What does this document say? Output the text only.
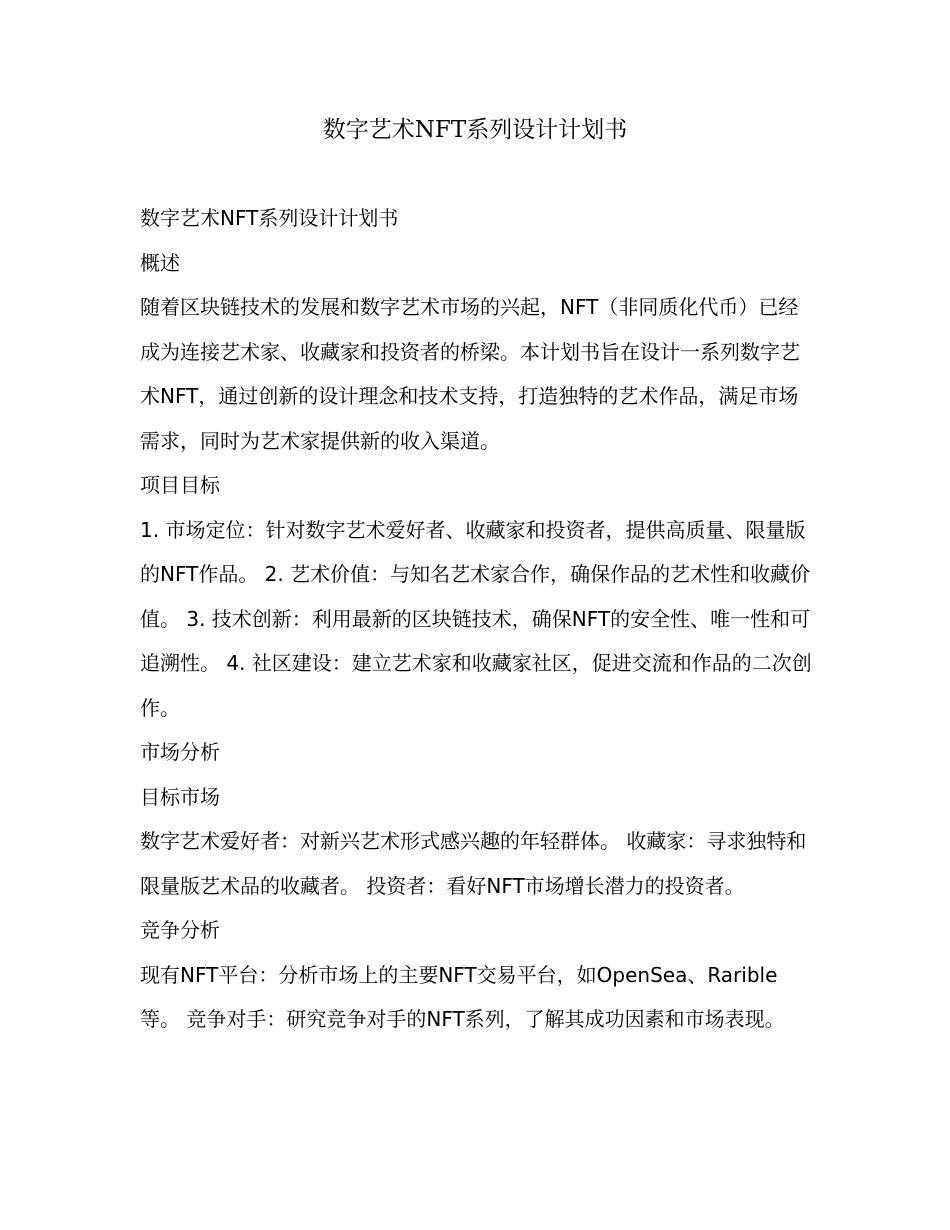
数字艺术NFT系列设计计划书

数字艺术NFT系列设计计划书

概述

随着区块链技术的发展和数字艺术市场的兴起，NFT（非同质化代币）已经成为连接艺术家、收藏家和投资者的桥梁。本计划书旨在设计一系列数字艺术NFT，通过创新的设计理念和技术支持，打造独特的艺术作品，满足市场需求，同时为艺术家提供新的收入渠道。

项目目标

1. 市场定位：针对数字艺术爱好者、收藏家和投资者，提供高质量、限量版的NFT作品。 2. 艺术价值：与知名艺术家合作，确保作品的艺术性和收藏价值。 3. 技术创新：利用最新的区块链技术，确保NFT的安全性、唯一性和可追溯性。 4. 社区建设：建立艺术家和收藏家社区，促进交流和作品的二次创作。

市场分析

目标市场

数字艺术爱好者：对新兴艺术形式感兴趣的年轻群体。 收藏家：寻求独特和限量版艺术品的收藏者。 投资者：看好NFT市场增长潜力的投资者。

竞争分析

现有NFT平台：分析市场上的主要NFT交易平台，如OpenSea、Rarible等。 竞争对手：研究竞争对手的NFT系列，了解其成功因素和市场表现。
